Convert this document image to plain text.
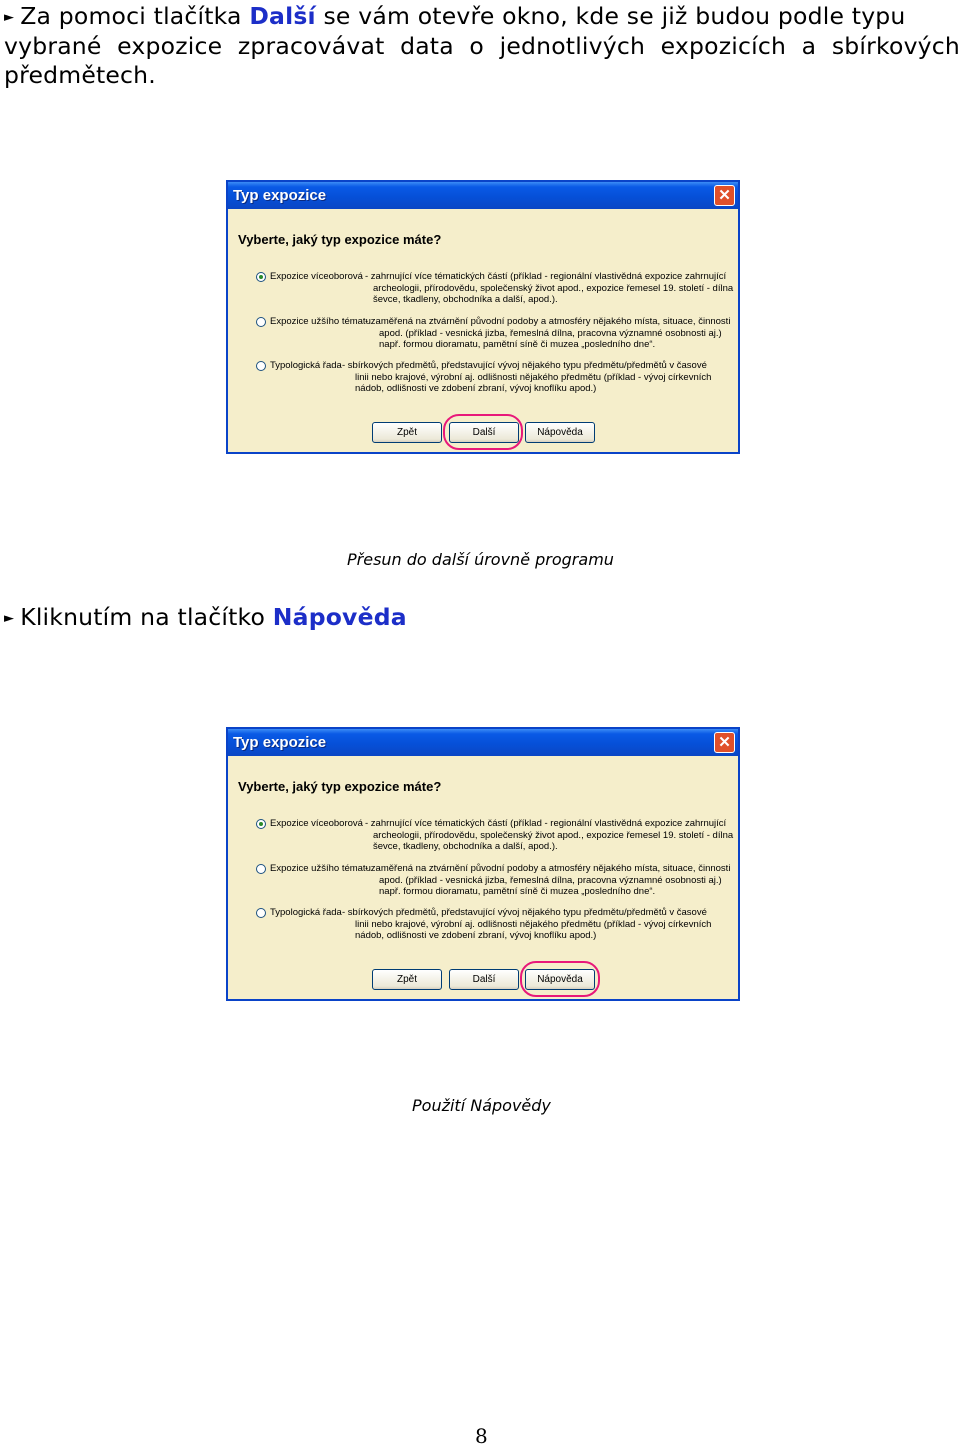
► Za pomoci tlačítka Další se vám otevře okno, kde se již budou podle typu
vybrané expozice zpracovávat data o jednotlivých expozicích a sbírkových
předmětech.
Typ expozice	✕
Vyberte, jaký typ expozice máte?
Expozice víceoborová - zahrnující více tématických částí (příklad - regionální vlastivědná expozice zahrnující
archeologii, přírodovědu, společenský život apod., expozice řemesel 19. století - dílna
ševce, tkadleny, obchodníka a další, apod.).
Expozice užšího tématu
- zaměřená na ztvárnění původní podoby a atmosféry nějakého místa, situace, činnosti
apod. (příklad - vesnická jizba, řemeslná dílna, pracovna významné osobnosti aj.)
např. formou dioramatu, pamětní síně či muzea „posledního dne“.
Typologická řada - sbírkových předmětů, představující vývoj nějakého typu předmětu/předmětů v časové
linii nebo krajové, výrobní aj. odlišnosti nějakého předmětu (příklad - vývoj církevních
nádob, odlišnosti ve zdobení zbraní, vývoj knoflíku apod.)
Zpět	Další	Nápověda
Přesun do další úrovně programu
► Kliknutím na tlačítko Nápověda
Typ expozice	✕
Vyberte, jaký typ expozice máte?
Expozice víceoborová - zahrnující více tématických částí (příklad - regionální vlastivědná expozice zahrnující
archeologii, přírodovědu, společenský život apod., expozice řemesel 19. století - dílna
ševce, tkadleny, obchodníka a další, apod.).
Expozice užšího tématu
- zaměřená na ztvárnění původní podoby a atmosféry nějakého místa, situace, činnosti
apod. (příklad - vesnická jizba, řemeslná dílna, pracovna významné osobnosti aj.)
např. formou dioramatu, pamětní síně či muzea „posledního dne“.
Typologická řada - sbírkových předmětů, představující vývoj nějakého typu předmětu/předmětů v časové
linii nebo krajové, výrobní aj. odlišnosti nějakého předmětu (příklad - vývoj církevních
nádob, odlišnosti ve zdobení zbraní, vývoj knoflíku apod.)
Zpět	Další	Nápověda
Použití Nápovědy
8
